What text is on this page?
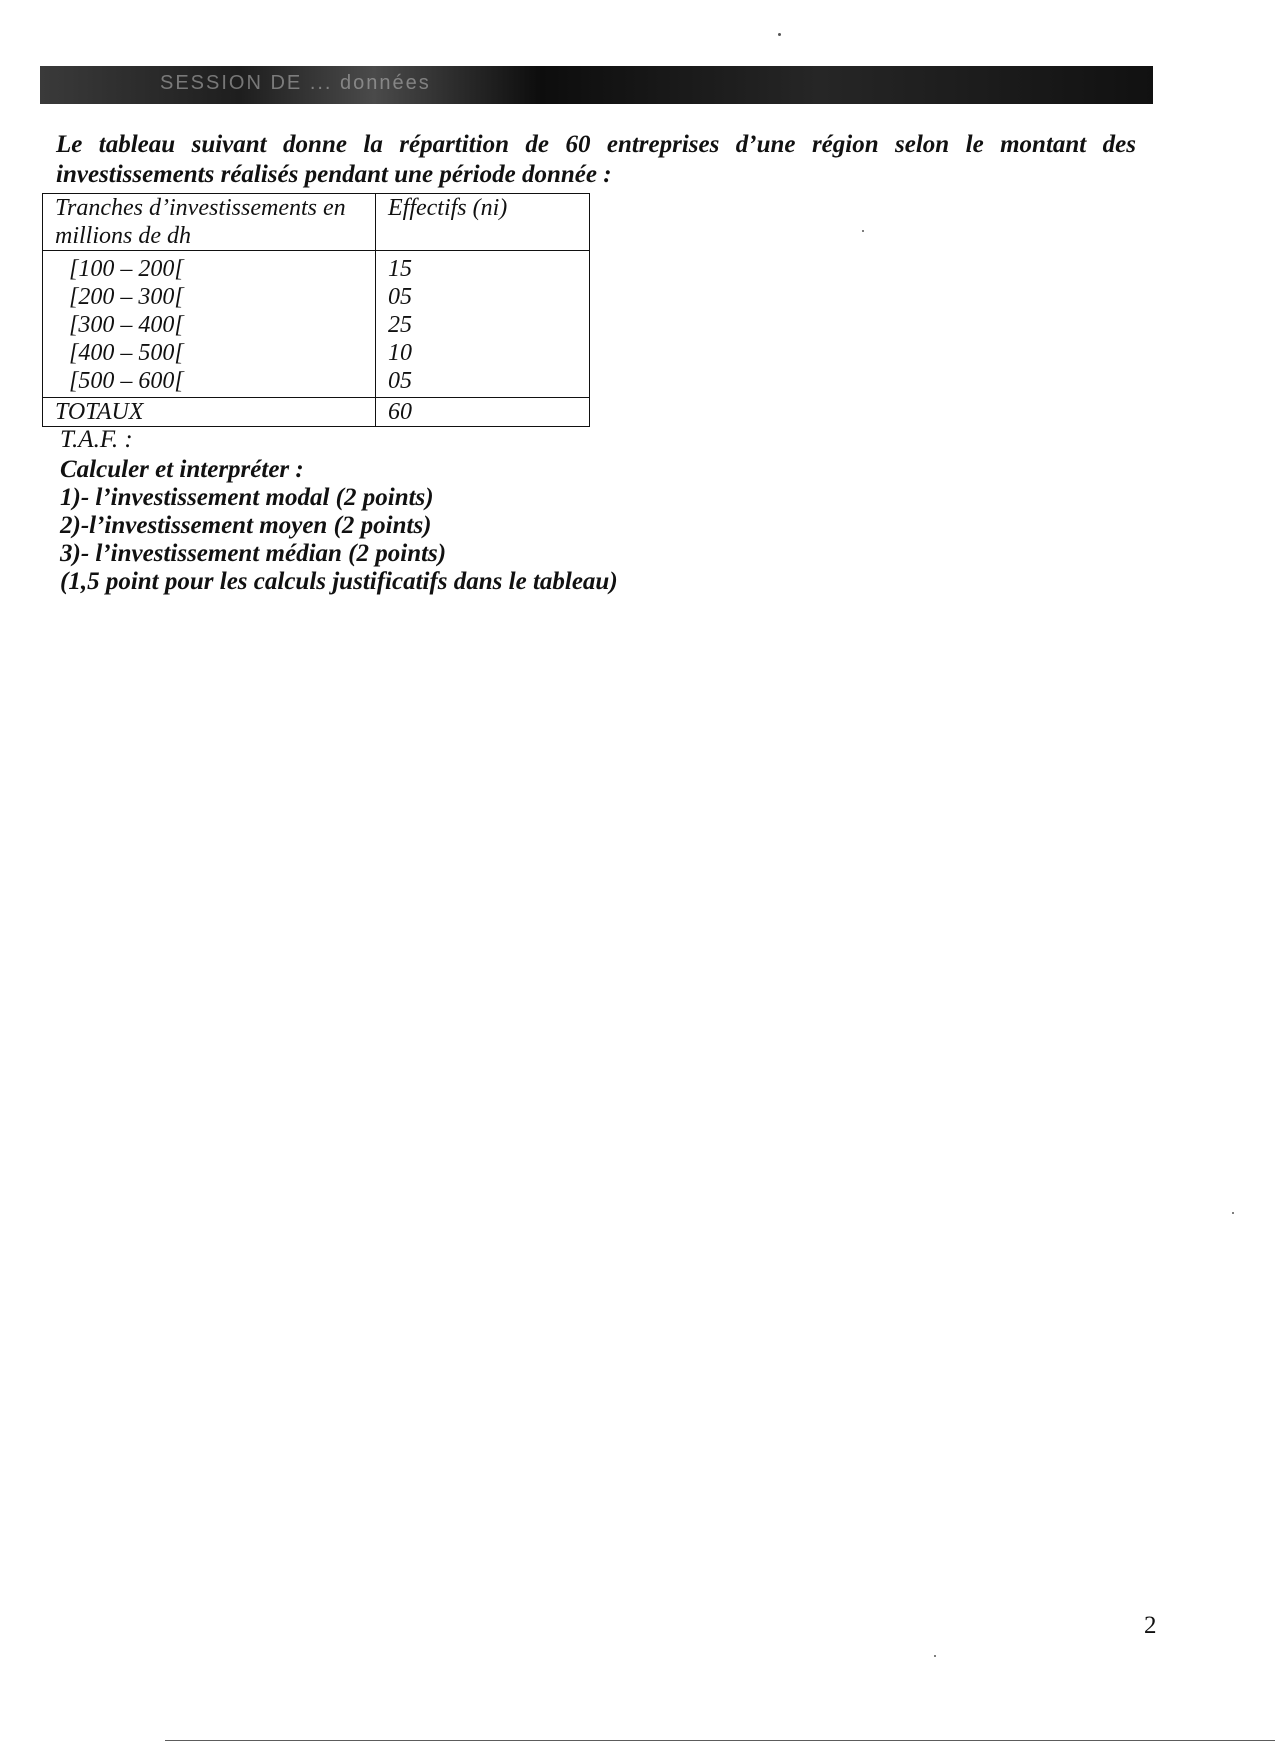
SESSION DE ... données
Le tableau suivant donne la répartition de 60 entreprises d’une région selon le montant des investissements réalisés pendant une période donnée :
Tranches d’investissements en millions de dh	Effectifs (ni)
[100 – 200[	15
[200 – 300[	05
[300 – 400[	25
[400 – 500[	10
[500 – 600[	05
TOTAUX	60
T.A.F. :
Calculer et interpréter :
1)- l’investissement modal (2 points)
2)-l’investissement moyen (2 points)
3)- l’investissement médian (2 points)
(1,5 point pour les calculs justificatifs dans le tableau)
2
